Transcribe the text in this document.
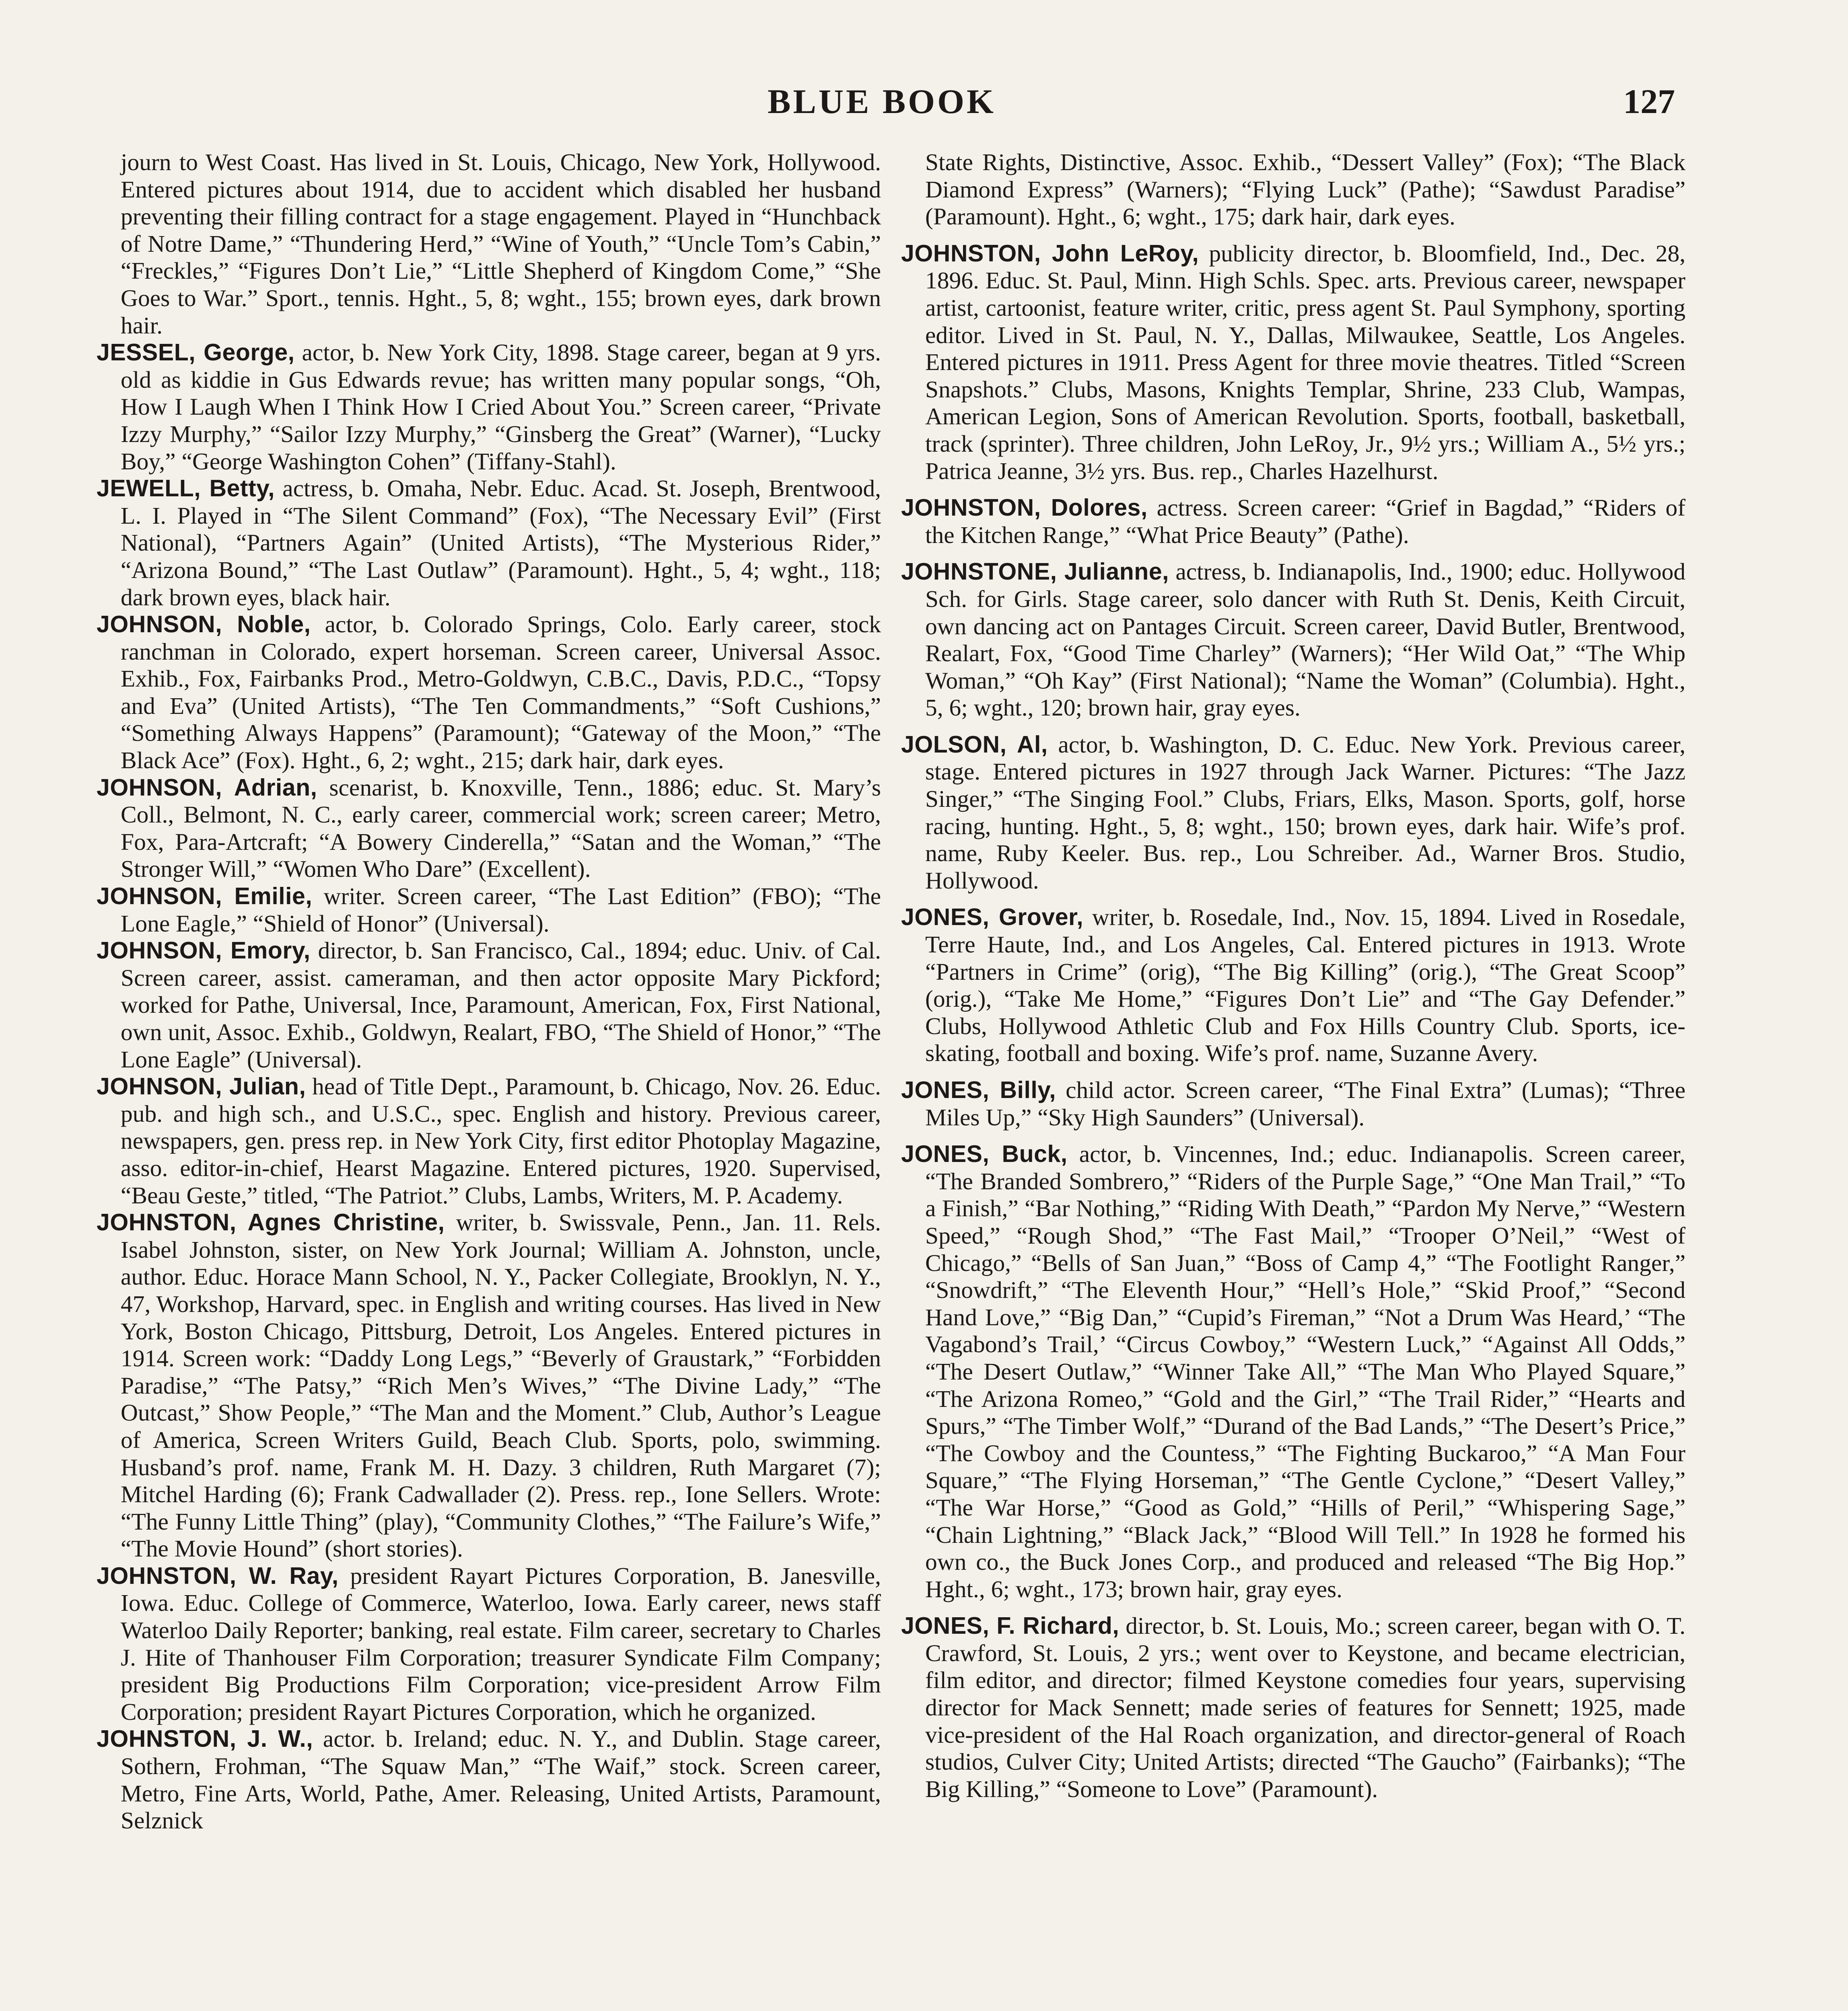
BLUE BOOK	127

journ to West Coast. Has lived in St. Louis, Chicago, New York, Hollywood. Entered pictures about 1914, due to accident which disabled her husband preventing their filling contract for a stage engagement. Played in “Hunchback of Notre Dame,” “Thundering Herd,” “Wine of Youth,” “Uncle Tom’s Cabin,” “Freckles,” “Figures Don’t Lie,” “Little Shepherd of Kingdom Come,” “She Goes to War.” Sport., tennis. Hght., 5, 8; wght., 155; brown eyes, dark brown hair.

JESSEL, George, actor, b. New York City, 1898. Stage career, began at 9 yrs. old as kiddie in Gus Edwards revue; has written many popular songs, “Oh, How I Laugh When I Think How I Cried About You.” Screen career, “Private Izzy Murphy,” “Sailor Izzy Murphy,” “Ginsberg the Great” (Warner), “Lucky Boy,” “George Washington Cohen” (Tiffany-Stahl).

JEWELL, Betty, actress, b. Omaha, Nebr. Educ. Acad. St. Joseph, Brentwood, L. I. Played in “The Silent Command” (Fox), “The Necessary Evil” (First National), “Partners Again” (United Artists), “The Mysterious Rider,” “Arizona Bound,” “The Last Outlaw” (Paramount). Hght., 5, 4; wght., 118; dark brown eyes, black hair.

JOHNSON, Noble, actor, b. Colorado Springs, Colo. Early career, stock ranchman in Colorado, expert horseman. Screen career, Universal Assoc. Exhib., Fox, Fairbanks Prod., Metro-Goldwyn, C.B.C., Davis, P.D.C., “Topsy and Eva” (United Artists), “The Ten Commandments,” “Soft Cushions,” “Something Always Happens” (Paramount); “Gateway of the Moon,” “The Black Ace” (Fox). Hght., 6, 2; wght., 215; dark hair, dark eyes.

JOHNSON, Adrian, scenarist, b. Knoxville, Tenn., 1886; educ. St. Mary’s Coll., Belmont, N. C., early career, commercial work; screen career; Metro, Fox, Para-Artcraft; “A Bowery Cinderella,” “Satan and the Woman,” “The Stronger Will,” “Women Who Dare” (Excellent).

JOHNSON, Emilie, writer. Screen career, “The Last Edition” (FBO); “The Lone Eagle,” “Shield of Honor” (Universal).

JOHNSON, Emory, director, b. San Francisco, Cal., 1894; educ. Univ. of Cal. Screen career, assist. cameraman, and then actor opposite Mary Pickford; worked for Pathe, Universal, Ince, Paramount, American, Fox, First National, own unit, Assoc. Exhib., Goldwyn, Realart, FBO, “The Shield of Honor,” “The Lone Eagle” (Universal).

JOHNSON, Julian, head of Title Dept., Paramount, b. Chicago, Nov. 26. Educ. pub. and high sch., and U.S.C., spec. English and history. Previous career, newspapers, gen. press rep. in New York City, first editor Photoplay Magazine, asso. editor-in-chief, Hearst Magazine. Entered pictures, 1920. Supervised, “Beau Geste,” titled, “The Patriot.” Clubs, Lambs, Writers, M. P. Academy.

JOHNSTON, Agnes Christine, writer, b. Swissvale, Penn., Jan. 11. Rels. Isabel Johnston, sister, on New York Journal; William A. Johnston, uncle, author. Educ. Horace Mann School, N. Y., Packer Collegiate, Brooklyn, N. Y., 47, Workshop, Harvard, spec. in English and writing courses. Has lived in New York, Boston Chicago, Pittsburg, Detroit, Los Angeles. Entered pictures in 1914. Screen work: “Daddy Long Legs,” “Beverly of Graustark,” “Forbidden Paradise,” “The Patsy,” “Rich Men’s Wives,” “The Divine Lady,” “The Outcast,” Show People,” “The Man and the Moment.” Club, Author’s League of America, Screen Writers Guild, Beach Club. Sports, polo, swimming. Husband’s prof. name, Frank M. H. Dazy. 3 children, Ruth Margaret (7); Mitchel Harding (6); Frank Cadwallader (2). Press. rep., Ione Sellers. Wrote: “The Funny Little Thing” (play), “Community Clothes,” “The Failure’s Wife,” “The Movie Hound” (short stories).

JOHNSTON, W. Ray, president Rayart Pictures Corporation, B. Janesville, Iowa. Educ. College of Commerce, Waterloo, Iowa. Early career, news staff Waterloo Daily Reporter; banking, real estate. Film career, secretary to Charles J. Hite of Thanhouser Film Corporation; treasurer Syndicate Film Company; president Big Productions Film Corporation; vice-president Arrow Film Corporation; president Rayart Pictures Corporation, which he organized.

JOHNSTON, J. W., actor. b. Ireland; educ. N. Y., and Dublin. Stage career, Sothern, Frohman, “The Squaw Man,” “The Waif,” stock. Screen career, Metro, Fine Arts, World, Pathe, Amer. Releasing, United Artists, Paramount, Selznick

State Rights, Distinctive, Assoc. Exhib., “Dessert Valley” (Fox); “The Black Diamond Express” (Warners); “Flying Luck” (Pathe); “Sawdust Paradise” (Paramount). Hght., 6; wght., 175; dark hair, dark eyes.

JOHNSTON, John LeRoy, publicity director, b. Bloomfield, Ind., Dec. 28, 1896. Educ. St. Paul, Minn. High Schls. Spec. arts. Previous career, newspaper artist, cartoonist, feature writer, critic, press agent St. Paul Symphony, sporting editor. Lived in St. Paul, N. Y., Dallas, Milwaukee, Seattle, Los Angeles. Entered pictures in 1911. Press Agent for three movie theatres. Titled “Screen Snapshots.” Clubs, Masons, Knights Templar, Shrine, 233 Club, Wampas, American Legion, Sons of American Revolution. Sports, football, basketball, track (sprinter). Three children, John LeRoy, Jr., 9½ yrs.; William A., 5½ yrs.; Patrica Jeanne, 3½ yrs. Bus. rep., Charles Hazelhurst.

JOHNSTON, Dolores, actress. Screen career: “Grief in Bagdad,” “Riders of the Kitchen Range,” “What Price Beauty” (Pathe).

JOHNSTONE, Julianne, actress, b. Indianapolis, Ind., 1900; educ. Hollywood Sch. for Girls. Stage career, solo dancer with Ruth St. Denis, Keith Circuit, own dancing act on Pantages Circuit. Screen career, David Butler, Brentwood, Realart, Fox, “Good Time Charley” (Warners); “Her Wild Oat,” “The Whip Woman,” “Oh Kay” (First National); “Name the Woman” (Columbia). Hght., 5, 6; wght., 120; brown hair, gray eyes.

JOLSON, Al, actor, b. Washington, D. C. Educ. New York. Previous career, stage. Entered pictures in 1927 through Jack Warner. Pictures: “The Jazz Singer,” “The Singing Fool.” Clubs, Friars, Elks, Mason. Sports, golf, horse racing, hunting. Hght., 5, 8; wght., 150; brown eyes, dark hair. Wife’s prof. name, Ruby Keeler. Bus. rep., Lou Schreiber. Ad., Warner Bros. Studio, Hollywood.

JONES, Grover, writer, b. Rosedale, Ind., Nov. 15, 1894. Lived in Rosedale, Terre Haute, Ind., and Los Angeles, Cal. Entered pictures in 1913. Wrote “Partners in Crime” (orig), “The Big Killing” (orig.), “The Great Scoop” (orig.), “Take Me Home,” “Figures Don’t Lie” and “The Gay Defender.” Clubs, Hollywood Athletic Club and Fox Hills Country Club. Sports, ice-skating, football and boxing. Wife’s prof. name, Suzanne Avery.

JONES, Billy, child actor. Screen career, “The Final Extra” (Lumas); “Three Miles Up,” “Sky High Saunders” (Universal).

JONES, Buck, actor, b. Vincennes, Ind.; educ. Indianapolis. Screen career, “The Branded Sombrero,” “Riders of the Purple Sage,” “One Man Trail,” “To a Finish,” “Bar Nothing,” “Riding With Death,” “Pardon My Nerve,” “Western Speed,” “Rough Shod,” “The Fast Mail,” “Trooper O’Neil,” “West of Chicago,” “Bells of San Juan,” “Boss of Camp 4,” “The Footlight Ranger,” “Snowdrift,” “The Eleventh Hour,” “Hell’s Hole,” “Skid Proof,” “Second Hand Love,” “Big Dan,” “Cupid’s Fireman,” “Not a Drum Was Heard,’ “The Vagabond’s Trail,’ “Circus Cowboy,” “Western Luck,” “Against All Odds,” “The Desert Outlaw,” “Winner Take All,” “The Man Who Played Square,” “The Arizona Romeo,” “Gold and the Girl,” “The Trail Rider,” “Hearts and Spurs,” “The Timber Wolf,” “Durand of the Bad Lands,” “The Desert’s Price,” “The Cowboy and the Countess,” “The Fighting Buckaroo,” “A Man Four Square,” “The Flying Horseman,” “The Gentle Cyclone,” “Desert Valley,” “The War Horse,” “Good as Gold,” “Hills of Peril,” “Whispering Sage,” “Chain Lightning,” “Black Jack,” “Blood Will Tell.” In 1928 he formed his own co., the Buck Jones Corp., and produced and released “The Big Hop.” Hght., 6; wght., 173; brown hair, gray eyes.

JONES, F. Richard, director, b. St. Louis, Mo.; screen career, began with O. T. Crawford, St. Louis, 2 yrs.; went over to Keystone, and became electrician, film editor, and director; filmed Keystone comedies four years, supervising director for Mack Sennett; made series of features for Sennett; 1925, made vice-president of the Hal Roach organization, and director-general of Roach studios, Culver City; United Artists; directed “The Gaucho” (Fairbanks); “The Big Killing,” “Someone to Love” (Paramount).
